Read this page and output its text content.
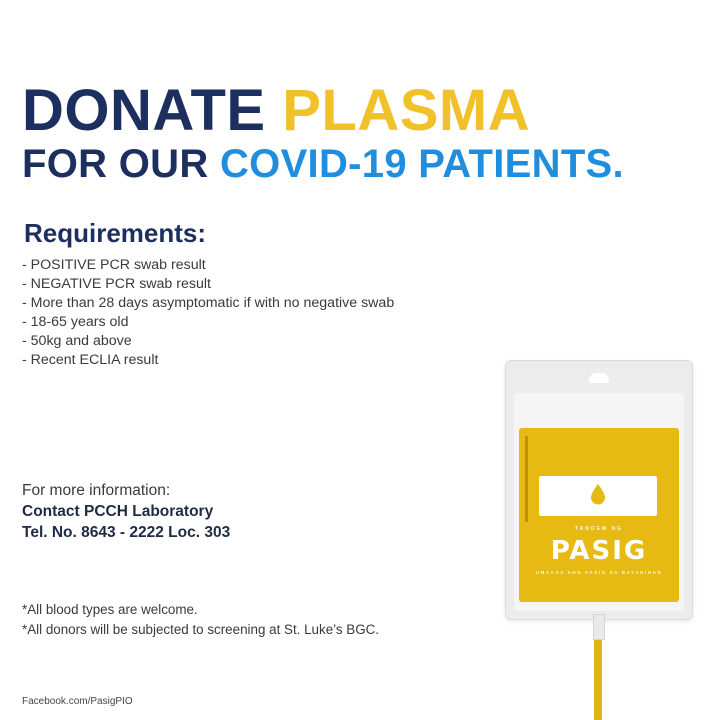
DONATE PLASMA
FOR OUR COVID-19 PATIENTS.
Requirements:
- POSITIVE PCR swab result
- NEGATIVE PCR swab result
- More than 28 days asymptomatic if with no negative swab
- 18-65 years old
- 50kg and above
- Recent ECLIA result
For more information:
Contact PCCH Laboratory
Tel. No. 8643 - 2222 Loc. 303
*All blood types are welcome.
*All donors will be subjected to screening at St. Luke’s BGC.
Facebook.com/PasigPIO
TANDEM NG
PASIG
UMAASA ANG PASIG SA BAYANIHAN
